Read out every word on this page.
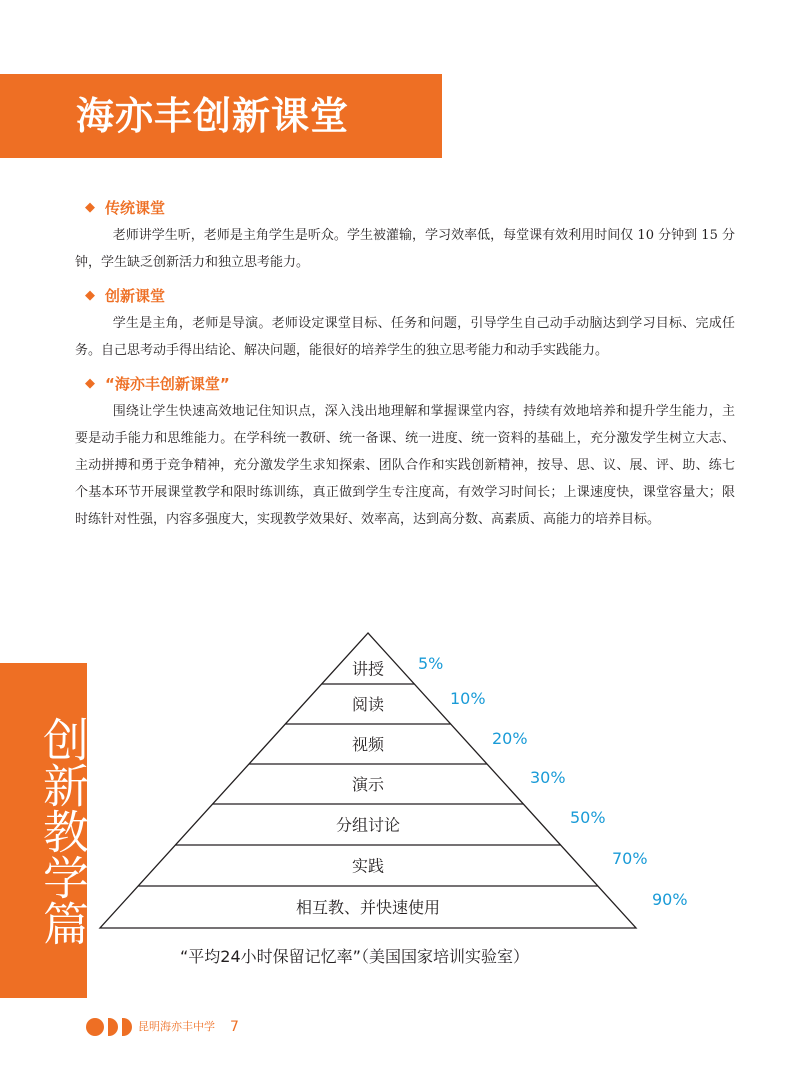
海亦丰创新课堂
◆ 传统课堂
老师讲学生听，老师是主角学生是听众。学生被灌输，学习效率低，每堂课有效利用时间仅 10 分钟到 15 分钟，学生缺乏创新活力和独立思考能力。
◆ 创新课堂
学生是主角，老师是导演。老师设定课堂目标、任务和问题，引导学生自己动手动脑达到学习目标、完成任务。自己思考动手得出结论、解决问题，能很好的培养学生的独立思考能力和动手实践能力。
◆ “海亦丰创新课堂”
围绕让学生快速高效地记住知识点，深入浅出地理解和掌握课堂内容，持续有效地培养和提升学生能力，主要是动手能力和思维能力。在学科统一教研、统一备课、统一进度、统一资料的基础上，充分激发学生树立大志、主动拼搏和勇于竞争精神，充分激发学生求知探索、团队合作和实践创新精神，按导、思、议、展、评、助、练七个基本环节开展课堂教学和限时练训练，真正做到学生专注度高，有效学习时间长；上课速度快，课堂容量大；限时练针对性强，内容多强度大，实现教学效果好、效率高，达到高分数、高素质、高能力的培养目标。
创新教学篇
讲授 5%
阅读	10%
视频	20%
演示	30%
分组讨论	50%
实践	70%
相互教、并快速使用	90%
“平均24小时保留记忆率”（美国国家培训实验室）
昆明海亦丰中学 7
